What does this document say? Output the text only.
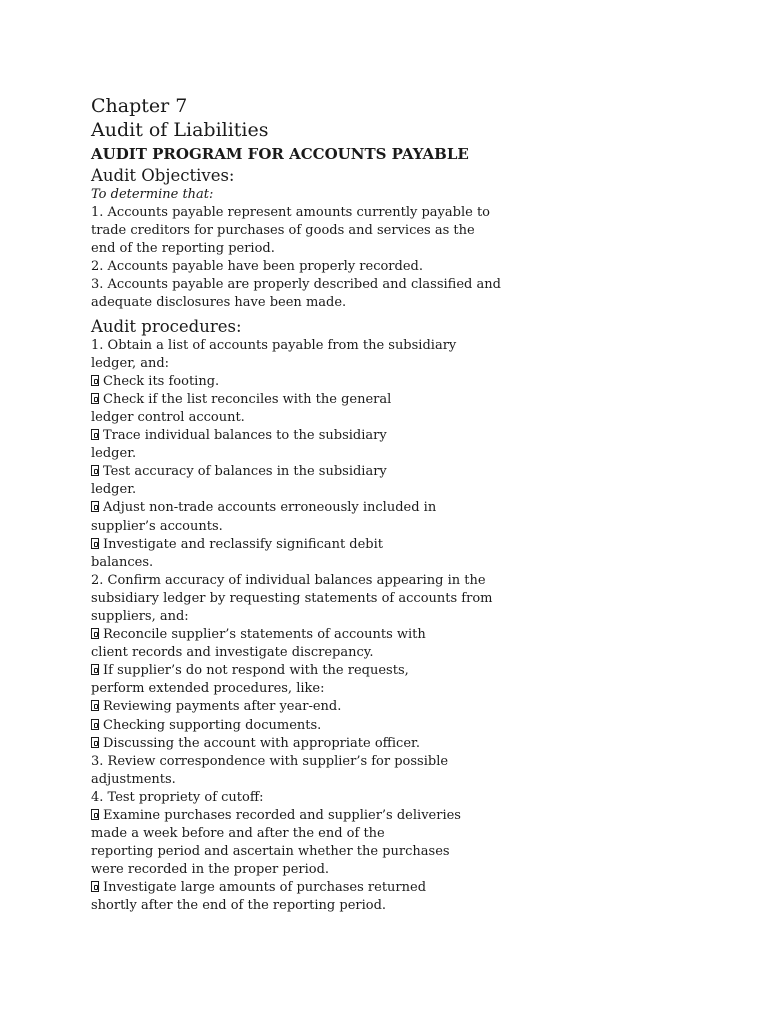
Chapter 7
Audit of Liabilities
AUDIT PROGRAM FOR ACCOUNTS PAYABLE
Audit Objectives:
To determine that:
1. Accounts payable represent amounts currently payable to
trade creditors for purchases of goods and services as the
end of the reporting period.
2. Accounts payable have been properly recorded.
3. Accounts payable are properly described and classified and
adequate disclosures have been made.
Audit procedures:
1. Obtain a list of accounts payable from the subsidiary
ledger, and:
Check its footing.
Check if the list reconciles with the general
ledger control account.
Trace individual balances to the subsidiary
ledger.
Test accuracy of balances in the subsidiary
ledger.
Adjust non-trade accounts erroneously included in
supplier’s accounts.
Investigate and reclassify significant debit
balances.
2. Confirm accuracy of individual balances appearing in the
subsidiary ledger by requesting statements of accounts from
suppliers, and:
Reconcile supplier’s statements of accounts with
client records and investigate discrepancy.
If supplier’s do not respond with the requests,
perform extended procedures, like:
Reviewing payments after year-end.
Checking supporting documents.
Discussing the account with appropriate officer.
3. Review correspondence with supplier’s for possible
adjustments.
4. Test propriety of cutoff:
Examine purchases recorded and supplier’s deliveries
made a week before and after the end of the
reporting period and ascertain whether the purchases
were recorded in the proper period.
Investigate large amounts of purchases returned
shortly after the end of the reporting period.
